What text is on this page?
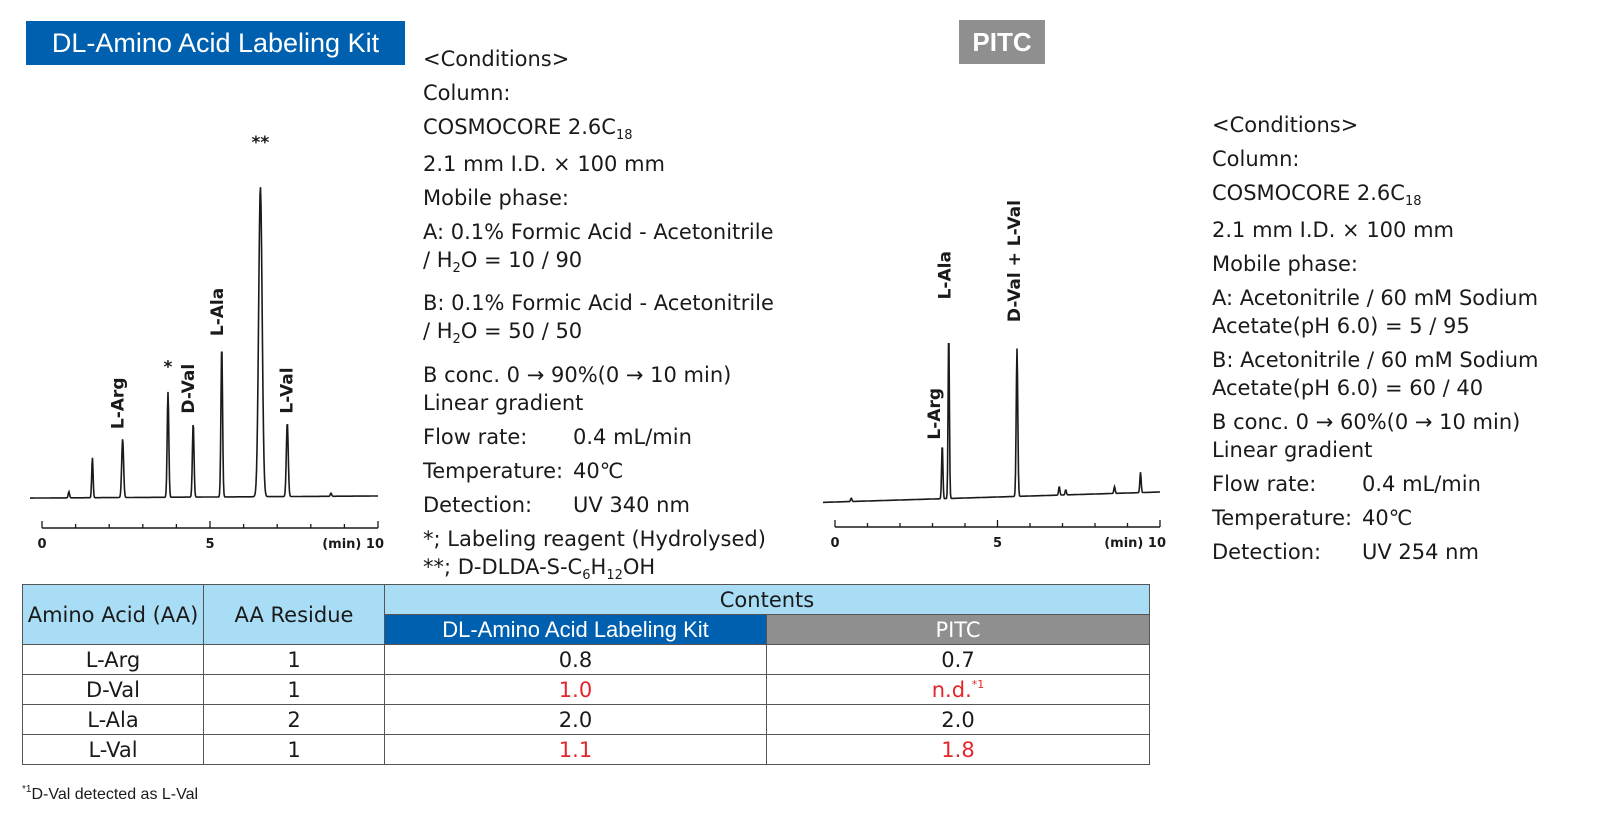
DL-Amino Acid Labeling Kit	PITC
0	5	(min) 10
L-Arg
* D-Val
L-Ala
**
L-Val
<Conditions>
Column:
COSMOCORE $2.6C_{18}$
2.1 mm I.D. × 100 mm
Mobile phase:
A: 0.1% Formic Acid - Acetonitrile
/ $H_2O = 10 / 90$
B: 0.1% Formic Acid - Acetonitrile
/ $H_2O = 50 / 50$
B conc. 0 → 90%(0 → 10 min)
Linear gradient
Flow rate: 0.4 mL/min
Temperature: 40℃
Detection: UV 340 nm
*; Labeling reagent (Hydrolysed)
**; $D-DLDA-S-C_6H_{12}OH$
0	5	(min) 10
L-Arg
L-Ala	D-Val + L-Val
<Conditions>
Column:
COSMOCORE $2.6C_{18}$
2.1 mm I.D. × 100 mm
Mobile phase:
A: Acetonitrile / 60 mM Sodium
Acetate(pH 6.0) = 5 / 95
B: Acetonitrile / 60 mM Sodium
Acetate(pH 6.0) = 60 / 40
B conc. 0 → 60%(0 → 10 min)
Linear gradient
Flow rate: 0.4 mL/min
Temperature: 40℃
Detection: UV 254 nm
Amino Acid (AA)	AA Residue	Contents	
		DL-Amino Acid Labeling Kit	PITC
L-Arg	1	0.8	0.7
D-Val	1	1.0	n.d.$^{*1}$
L-Ala	2	2.0	2.0
L-Val	1	1.1	1.8
$^{*1}$D-Val detected as L-Val
